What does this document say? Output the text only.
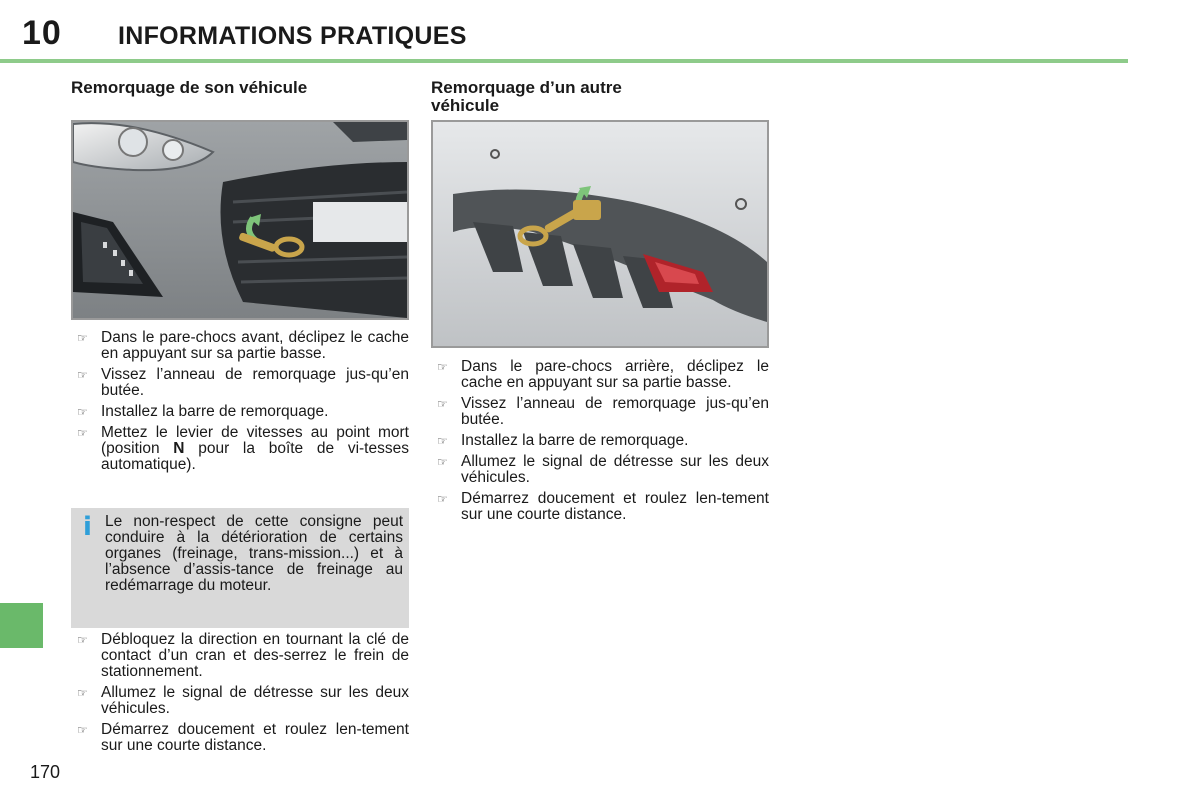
10 INFORMATIONS PRATIQUES
Remorquage de son véhicule
☞ Dans le pare-chocs avant, déclipez le cache en appuyant sur sa partie basse.
☞ Vissez l’anneau de remorquage jus-qu’en butée.
☞ Installez la barre de remorquage.
☞ Mettez le levier de vitesses au point mort (position N pour la boîte de vi-tesses automatique).
i Le non-respect de cette consigne peut conduire à la détérioration de certains organes (freinage, trans-mission...) et à l’absence d’assis-tance de freinage au redémarrage du moteur.

☞ Débloquez la direction en tournant la clé de contact d’un cran et des-serrez le frein de stationnement.
☞ Allumez le signal de détresse sur les deux véhicules.
☞ Démarrez doucement et roulez len-tement sur une courte distance.
Remorquage d’un autre
véhicule
☞ Dans le pare-chocs arrière, déclipez le cache en appuyant sur sa partie basse.
☞ Vissez l’anneau de remorquage jus-qu’en butée.
☞ Installez la barre de remorquage.
☞ Allumez le signal de détresse sur les deux véhicules.
☞ Démarrez doucement et roulez len-tement sur une courte distance.
170
